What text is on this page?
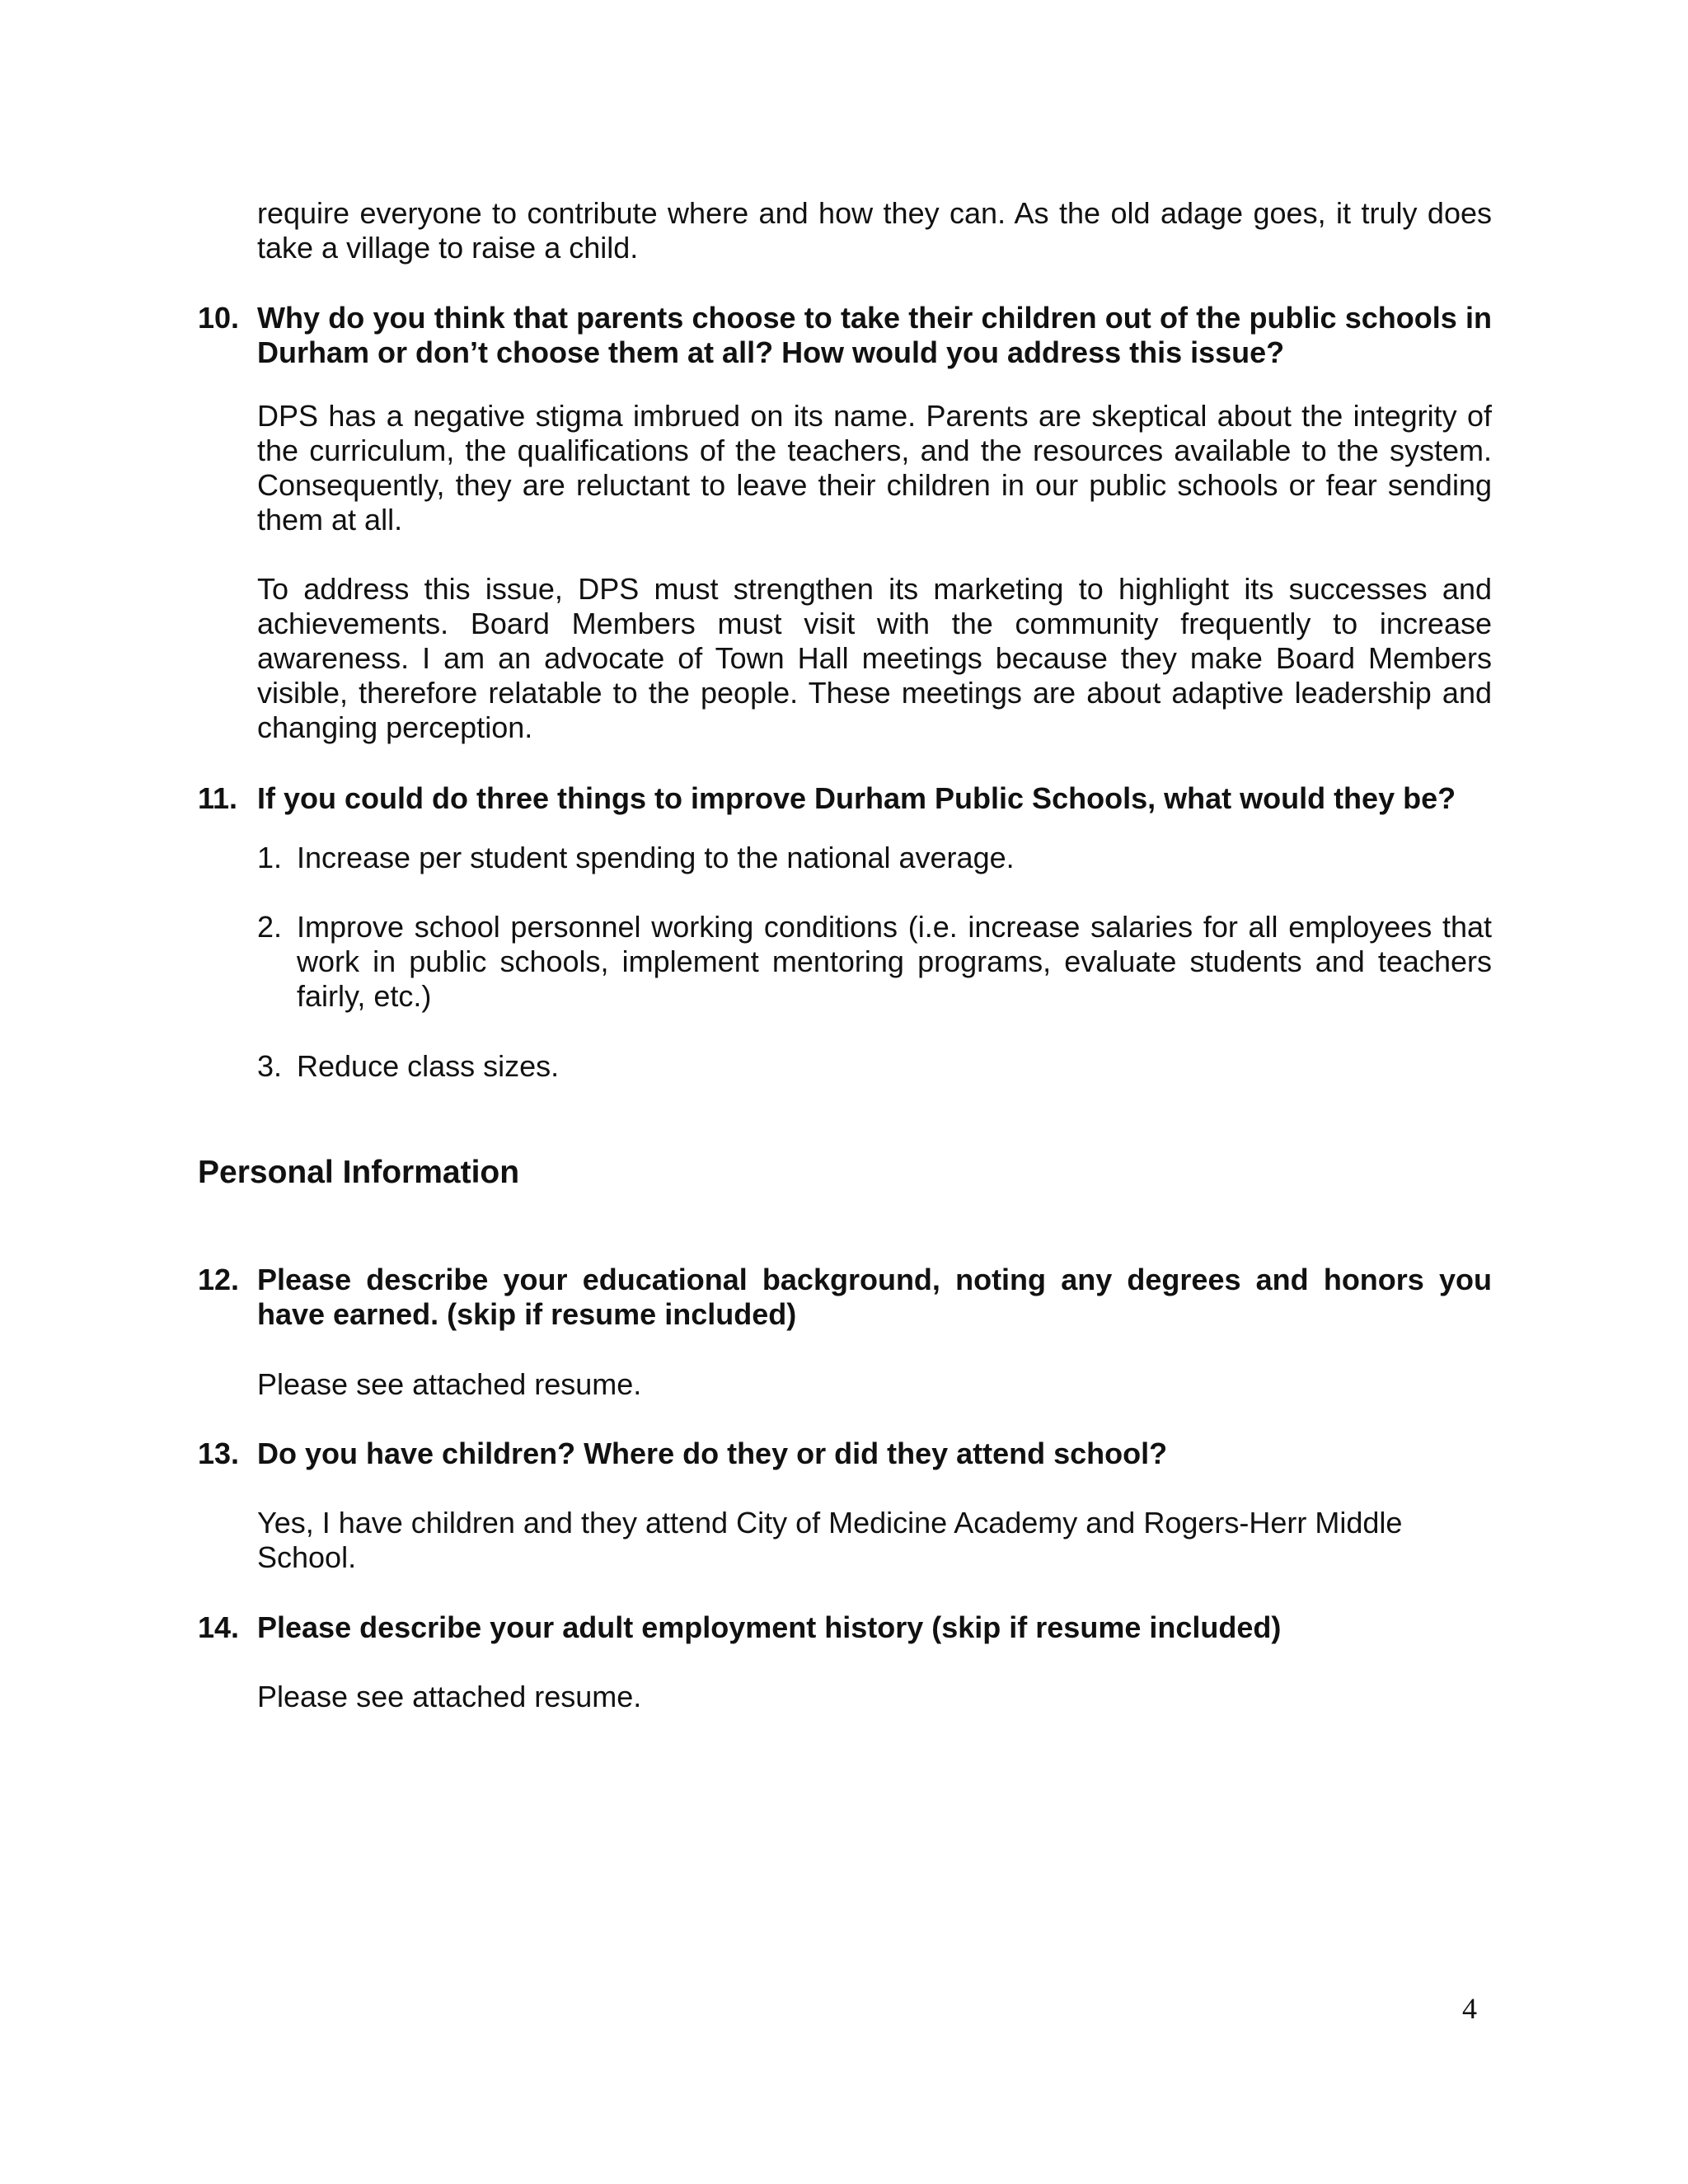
require everyone to contribute where and how they can. As the old adage goes, it truly does take a village to raise a child.
10. Why do you think that parents choose to take their children out of the public schools in Durham or don’t choose them at all? How would you address this issue?
DPS has a negative stigma imbrued on its name. Parents are skeptical about the integrity of the curriculum, the qualifications of the teachers, and the resources available to the system. Consequently, they are reluctant to leave their children in our public schools or fear sending them at all.
To address this issue, DPS must strengthen its marketing to highlight its successes and achievements. Board Members must visit with the community frequently to increase awareness. I am an advocate of Town Hall meetings because they make Board Members visible, therefore relatable to the people. These meetings are about adaptive leadership and changing perception.
11. If you could do three things to improve Durham Public Schools, what would they be?
1. Increase per student spending to the national average.
2. Improve school personnel working conditions (i.e. increase salaries for all employees that work in public schools, implement mentoring programs, evaluate students and teachers fairly, etc.)
3. Reduce class sizes.
Personal Information
12. Please describe your educational background, noting any degrees and honors you have earned. (skip if resume included)
Please see attached resume.
13. Do you have children? Where do they or did they attend school?
Yes, I have children and they attend City of Medicine Academy and Rogers-Herr Middle School.
14. Please describe your adult employment history (skip if resume included)
Please see attached resume.
4
